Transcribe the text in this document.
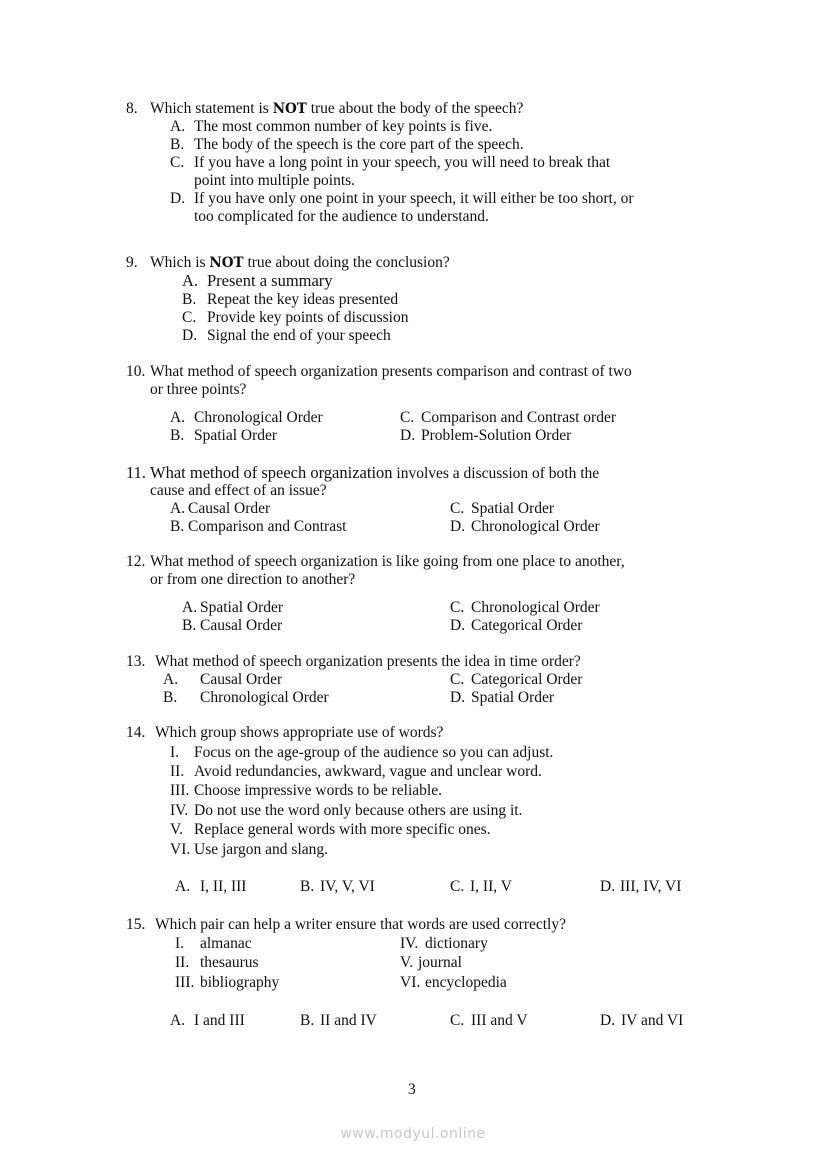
8. Which statement is NOT true about the body of the speech?
A. The most common number of key points is five.
B. The body of the speech is the core part of the speech.
C. If you have a long point in your speech, you will need to break that
point into multiple points.
D. If you have only one point in your speech, it will either be too short, or
too complicated for the audience to understand.
9. Which is NOT true about doing the conclusion?
A. Present a summary
B. Repeat the key ideas presented
C. Provide key points of discussion
D. Signal the end of your speech
10. What method of speech organization presents comparison and contrast of two
or three points?
A. Chronological Order
B. Spatial Order
C. Comparison and Contrast order
D. Problem-Solution Order
11. What method of speech organization involves a discussion of both the
cause and effect of an issue?
A. Causal Order
B. Comparison and Contrast
C. Spatial Order
D. Chronological Order
12. What method of speech organization is like going from one place to another,
or from one direction to another?
A. Spatial Order
B. Causal Order
C. Chronological Order
D. Categorical Order
13. What method of speech organization presents the idea in time order?
A. Causal Order
B. Chronological Order
C. Categorical Order
D. Spatial Order
14. Which group shows appropriate use of words?
I. Focus on the age-group of the audience so you can adjust.
II. Avoid redundancies, awkward, vague and unclear word.
III. Choose impressive words to be reliable.
IV. Do not use the word only because others are using it.
V. Replace general words with more specific ones.
VI. Use jargon and slang.
A. I, II, III	B. IV, V, VI	C. I, II, V	D. III, IV, VI
15. Which pair can help a writer ensure that words are used correctly?
I. almanac
II. thesaurus
III. bibliography
IV. dictionary
V. journal
VI. encyclopedia
A. I and III	B. II and IV	C. III and V	D. IV and VI
3
www.modyul.online
